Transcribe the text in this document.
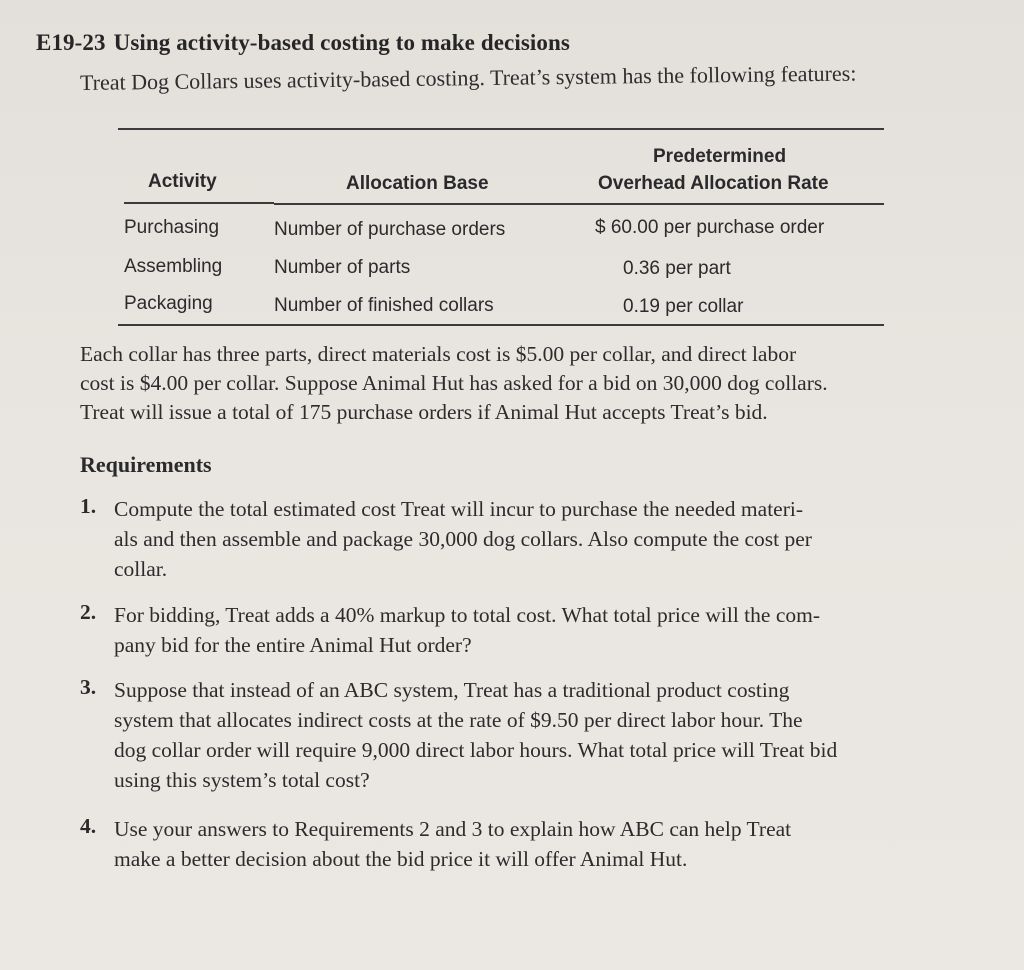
E19-23 Using activity-based costing to make decisions
Treat Dog Collars uses activity-based costing. Treat’s system has the following features:
Activity	Allocation Base
Predetermined
Overhead Allocation Rate
Purchasing	Number of purchase orders	$ 60.00 per purchase order
Assembling	Number of parts	0.36 per part
Packaging	Number of finished collars	0.19 per collar
Each collar has three parts, direct materials cost is $5.00 per collar, and direct labor
cost is $4.00 per collar. Suppose Animal Hut has asked for a bid on 30,000 dog collars.
Treat will issue a total of 175 purchase orders if Animal Hut accepts Treat’s bid.
Requirements
1. Compute the total estimated cost Treat will incur to purchase the needed materi-
als and then assemble and package 30,000 dog collars. Also compute the cost per
collar.
2. For bidding, Treat adds a 40% markup to total cost. What total price will the com-
pany bid for the entire Animal Hut order?
3. Suppose that instead of an ABC system, Treat has a traditional product costing
system that allocates indirect costs at the rate of $9.50 per direct labor hour. The
dog collar order will require 9,000 direct labor hours. What total price will Treat bid
using this system’s total cost?
4. Use your answers to Requirements 2 and 3 to explain how ABC can help Treat
make a better decision about the bid price it will offer Animal Hut.
